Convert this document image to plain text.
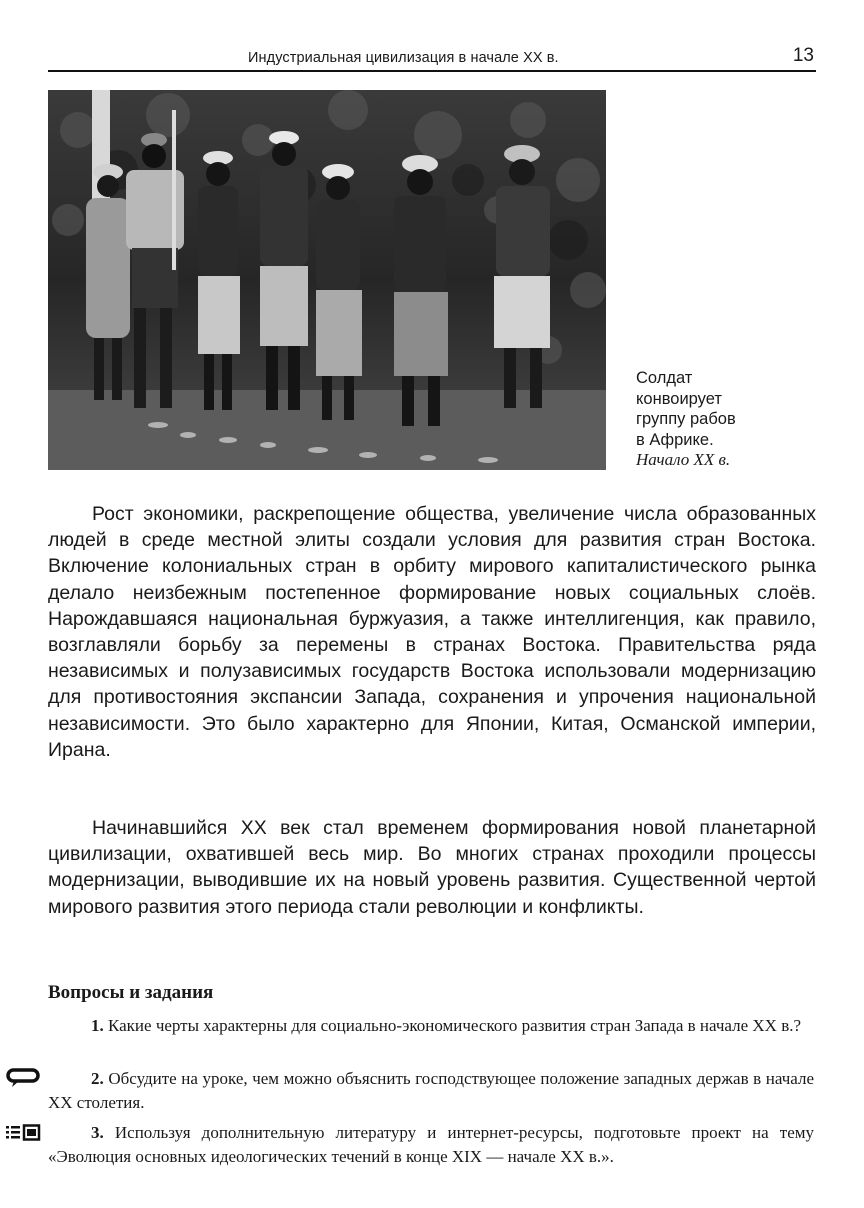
Индустриальная цивилизация в начале XX в.	13
Солдат
конвоирует
группу рабов
в Африке.
Начало XX в.

Рост экономики, раскрепощение общества, увеличение числа образованных людей в среде местной элиты создали условия для развития стран Востока. Включение колониальных стран в орбиту мирового капиталистического рынка делало неизбежным постепенное формирование новых социальных слоёв. Нарождавшаяся национальная буржуазия, а также интеллигенция, как правило, возглавляли борьбу за перемены в странах Востока. Правительства ряда независимых и полузависимых государств Востока использовали модернизацию для противостояния экспансии Запада, сохранения и упрочения национальной независимости. Это было характерно для Японии, Китая, Османской империи, Ирана.

Начинавшийся XX век стал временем формирования новой планетарной цивилизации, охватившей весь мир. Во многих странах проходили процессы модернизации, выводившие их на новый уровень развития. Существенной чертой мирового развития этого периода стали революции и конфликты.

Вопросы и задания
1. Какие черты характерны для социально-экономического развития стран Запада в начале XX в.?
2. Обсудите на уроке, чем можно объяснить господствующее положение западных держав в начале XX столетия.
3. Используя дополнительную литературу и интернет-ресурсы, подготовьте проект на тему «Эволюция основных идеологических течений в конце XIX — начале XX в.».
